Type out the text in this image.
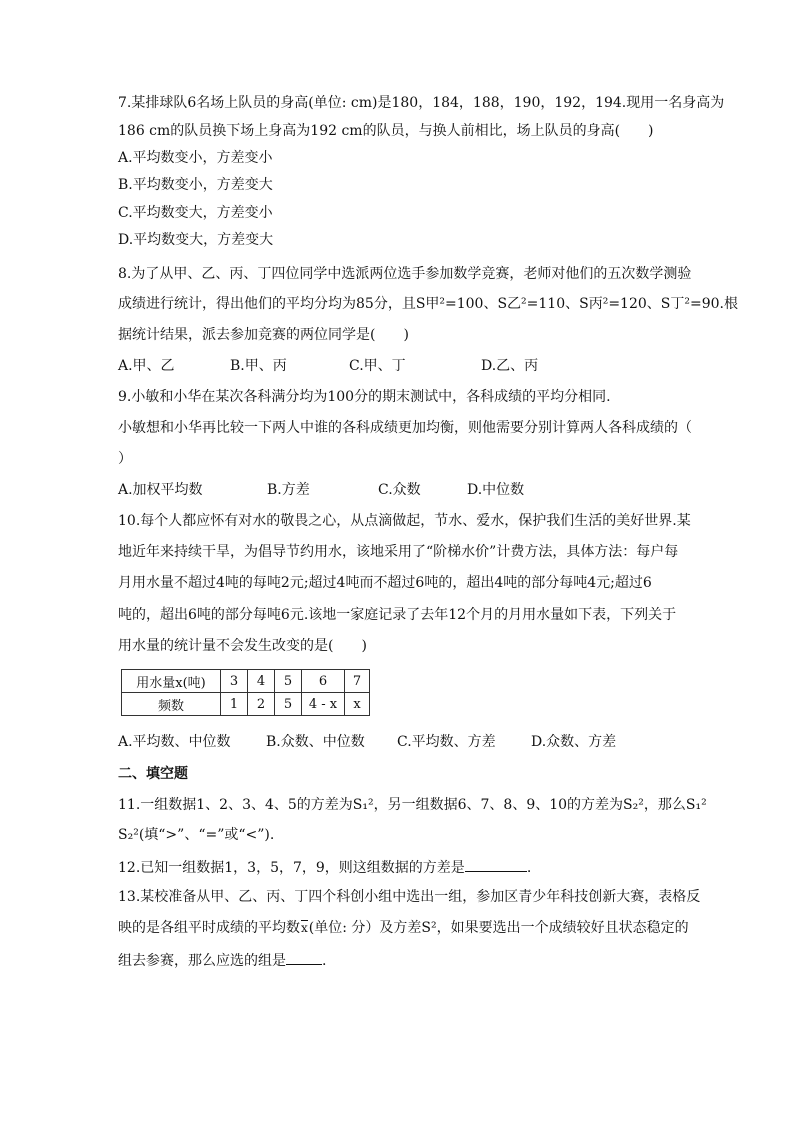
7.某排球队6名场上队员的身高(单位: cm)是180，184，188，190，192，194.现用一名身高为
186 cm的队员换下场上身高为192 cm的队员，与换人前相比，场上队员的身高(　　)
A.平均数变小，方差变小
B.平均数变小，方差变大
C.平均数变大，方差变小
D.平均数变大，方差变大
8.为了从甲、乙、丙、丁四位同学中选派两位选手参加数学竞赛，老师对他们的五次数学测验
成绩进行统计，得出他们的平均分均为85分，且S甲²=100、S乙²=110、S丙²=120、S丁²=90.根
据统计结果，派去参加竞赛的两位同学是(　　)
A.甲、乙	B.甲、丙	C.甲、丁	D.乙、丙
9.小敏和小华在某次各科满分均为100分的期末测试中，各科成绩的平均分相同.
小敏想和小华再比较一下两人中谁的各科成绩更加均衡，则他需要分别计算两人各科成绩的（
）
A.加权平均数	B.方差	C.众数	D.中位数
10.每个人都应怀有对水的敬畏之心，从点滴做起，节水、爱水，保护我们生活的美好世界.某
地近年来持续干旱，为倡导节约用水，该地采用了“阶梯水价”计费方法，具体方法：每户每
月用水量不超过4吨的每吨2元;超过4吨而不超过6吨的，超出4吨的部分每吨4元;超过6
吨的，超出6吨的部分每吨6元.该地一家庭记录了去年12个月的月用水量如下表，下列关于
用水量的统计量不会发生改变的是(　　)
用水量x(吨)	3	4	5	6	7
频数	1	2	5	4 - x	x
A.平均数、中位数	B.众数、中位数 C.平均数、方差	D.众数、方差
二、填空题
11.一组数据1、2、3、4、5的方差为S₁²，另一组数据6、7、8、9、10的方差为S₂²，那么S₁²
S₂²(填“>”、“=”或“<”).
12.已知一组数据1，3，5，7，9，则这组数据的方差是	.
13.某校准备从甲、乙、丙、丁四个科创小组中选出一组，参加区青少年科技创新大赛，表格反
映的是各组平时成绩的平均数x(单位: 分）及方差S²，如果要选出一个成绩较好且状态稳定的
组去参赛，那么应选的组是	.
